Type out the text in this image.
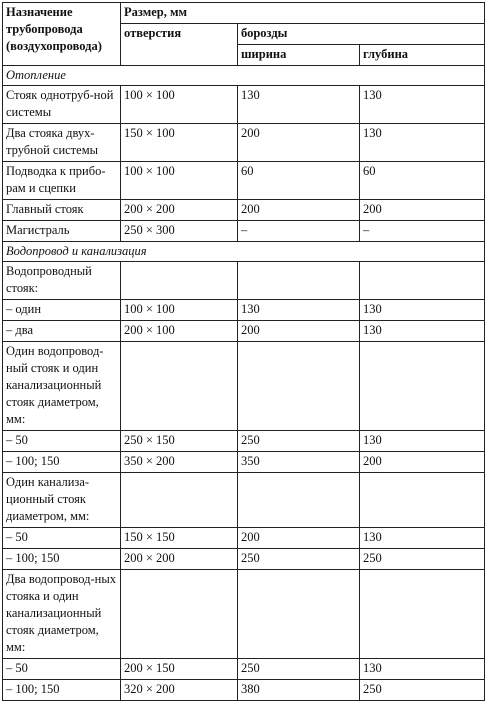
Назначение трубопровода (воздухопровода)	Размер, мм		
	отверстия	борозды	
		ширина	глубина
Отопление			
Стояк однотруб-ной системы	100 × 100	130	130
Два стояка двух-трубной системы	150 × 100	200	130
Подводка к прибо-рам и сцепки	100 × 100	60	60
Главный стояк	200 × 200	200	200
Магистраль	250 × 300	–	–
Водопровод и канализация			
Водопроводный стояк:			
– один	100 × 100	130	130
– два	200 × 100	200	130
Один водопровод-ный стояк и один канализационный стояк диаметром, мм:			
– 50	250 × 150	250	130
– 100; 150	350 × 200	350	200
Один канализа-ционный стояк диаметром, мм:			
– 50	150 × 150	200	130
– 100; 150	200 × 200	250	250
Два водопровод-ных стояка и один канализационный стояк диаметром, мм:			
– 50	200 × 150	250	130
– 100; 150	320 × 200	380	250
